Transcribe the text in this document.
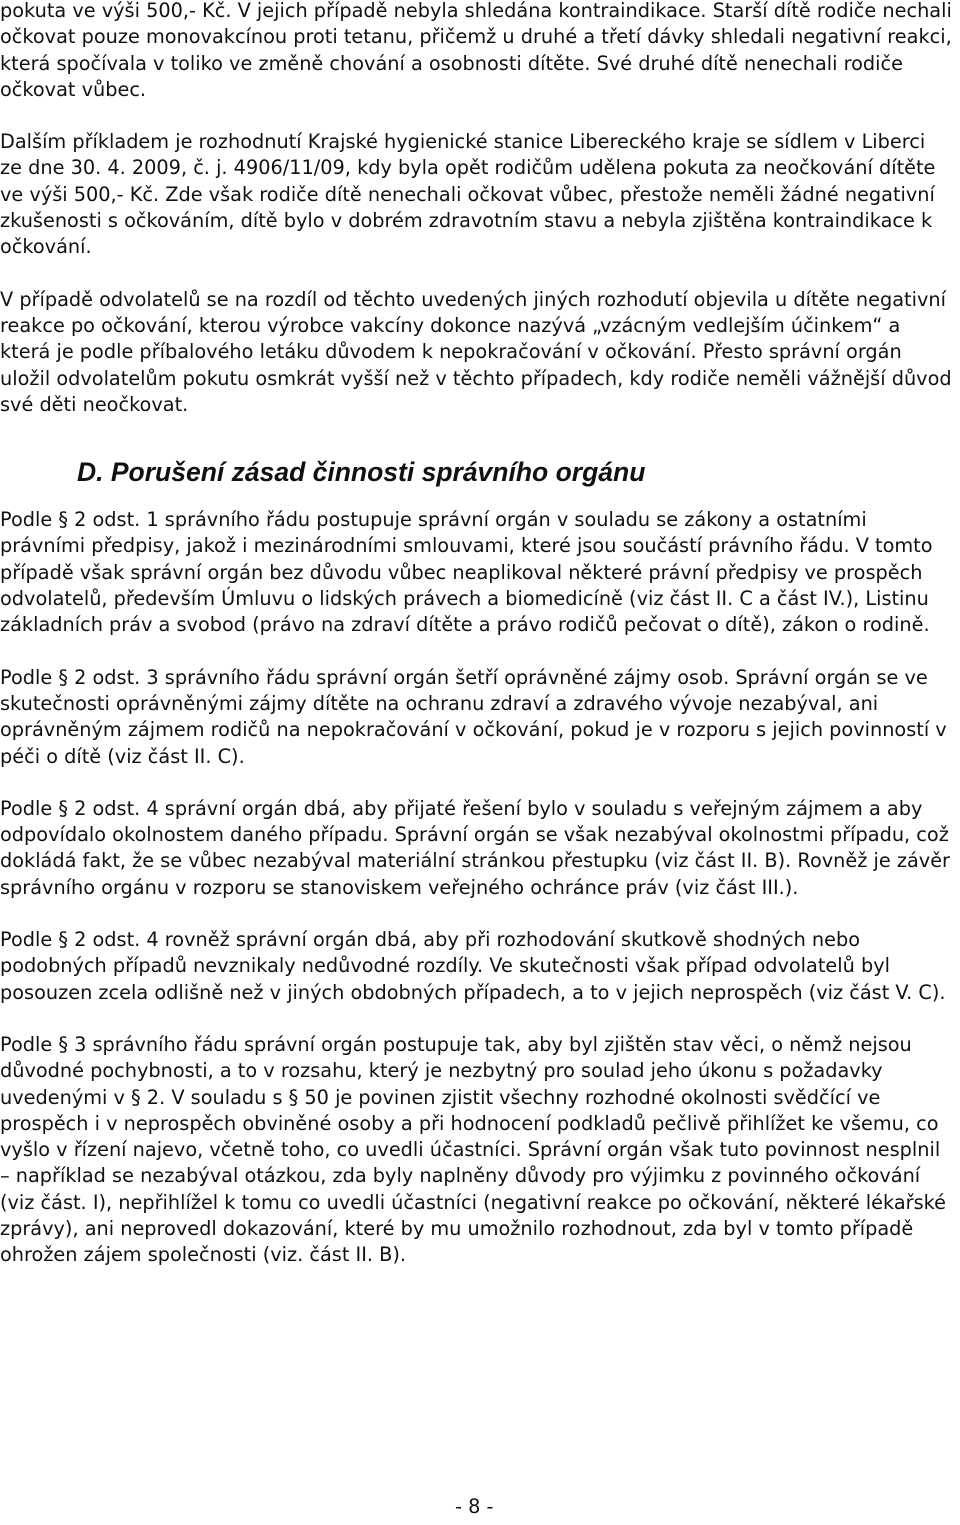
pokuta ve výši 500,- Kč. V jejich případě nebyla shledána kontraindikace. Starší dítě rodiče nechali očkovat pouze monovakcínou proti tetanu, přičemž u druhé a třetí dávky shledali negativní reakci, která spočívala v toliko ve změně chování a osobnosti dítěte. Své druhé dítě nenechali rodiče očkovat vůbec.

Dalším příkladem je rozhodnutí Krajské hygienické stanice Libereckého kraje se sídlem v Liberci ze dne 30. 4. 2009, č. j. 4906/11/09, kdy byla opět rodičům udělena pokuta za neočkování dítěte ve výši 500,- Kč. Zde však rodiče dítě nenechali očkovat vůbec, přestože neměli žádné negativní zkušenosti s očkováním, dítě bylo v dobrém zdravotním stavu a nebyla zjištěna kontraindikace k očkování.

V případě odvolatelů se na rozdíl od těchto uvedených jiných rozhodutí objevila u dítěte negativní reakce po očkování, kterou výrobce vakcíny dokonce nazývá „vzácným vedlejším účinkem“ a která je podle příbalového letáku důvodem k nepokračování v očkování. Přesto správní orgán uložil odvolatelům pokutu osmkrát vyšší než v těchto případech, kdy rodiče neměli vážnější důvod své děti neočkovat.

D. Porušení zásad činnosti správního orgánu

Podle § 2 odst. 1 správního řádu postupuje správní orgán v souladu se zákony a ostatními právními předpisy, jakož i mezinárodními smlouvami, které jsou součástí právního řádu. V tomto případě však správní orgán bez důvodu vůbec neaplikoval některé právní předpisy ve prospěch odvolatelů, především Úmluvu o lidských právech a biomedicíně (viz část II. C a část IV.), Listinu základních práv a svobod (právo na zdraví dítěte a právo rodičů pečovat o dítě), zákon o rodině.

Podle § 2 odst. 3 správního řádu správní orgán šetří oprávněné zájmy osob. Správní orgán se ve skutečnosti oprávněnými zájmy dítěte na ochranu zdraví a zdravého vývoje nezabýval, ani oprávněným zájmem rodičů na nepokračování v očkování, pokud je v rozporu s jejich povinností v péči o dítě (viz část II. C).

Podle § 2 odst. 4 správní orgán dbá, aby přijaté řešení bylo v souladu s veřejným zájmem a aby odpovídalo okolnostem daného případu. Správní orgán se však nezabýval okolnostmi případu, což dokládá fakt, že se vůbec nezabýval materiální stránkou přestupku (viz část II. B). Rovněž je závěr správního orgánu v rozporu se stanoviskem veřejného ochránce práv (viz část III.).

Podle § 2 odst. 4 rovněž správní orgán dbá, aby při rozhodování skutkově shodných nebo podobných případů nevznikaly nedůvodné rozdíly. Ve skutečnosti však případ odvolatelů byl posouzen zcela odlišně než v jiných obdobných případech, a to v jejich neprospěch (viz část V. C).

Podle § 3 správního řádu správní orgán postupuje tak, aby byl zjištěn stav věci, o němž nejsou důvodné pochybnosti, a to v rozsahu, který je nezbytný pro soulad jeho úkonu s požadavky uvedenými v § 2. V souladu s § 50 je povinen zjistit všechny rozhodné okolnosti svědčící ve prospěch i v neprospěch obviněné osoby a při hodnocení podkladů pečlivě přihlížet ke všemu, co vyšlo v řízení najevo, včetně toho, co uvedli účastníci. Správní orgán však tuto povinnost nesplnil – například se nezabýval otázkou, zda byly naplněny důvody pro výjimku z povinného očkování (viz část. I), nepřihlížel k tomu co uvedli účastníci (negativní reakce po očkování, některé lékařské zprávy), ani neprovedl dokazování, které by mu umožnilo rozhodnout, zda byl v tomto případě ohrožen zájem společnosti (viz. část II. B).

- 8 -
